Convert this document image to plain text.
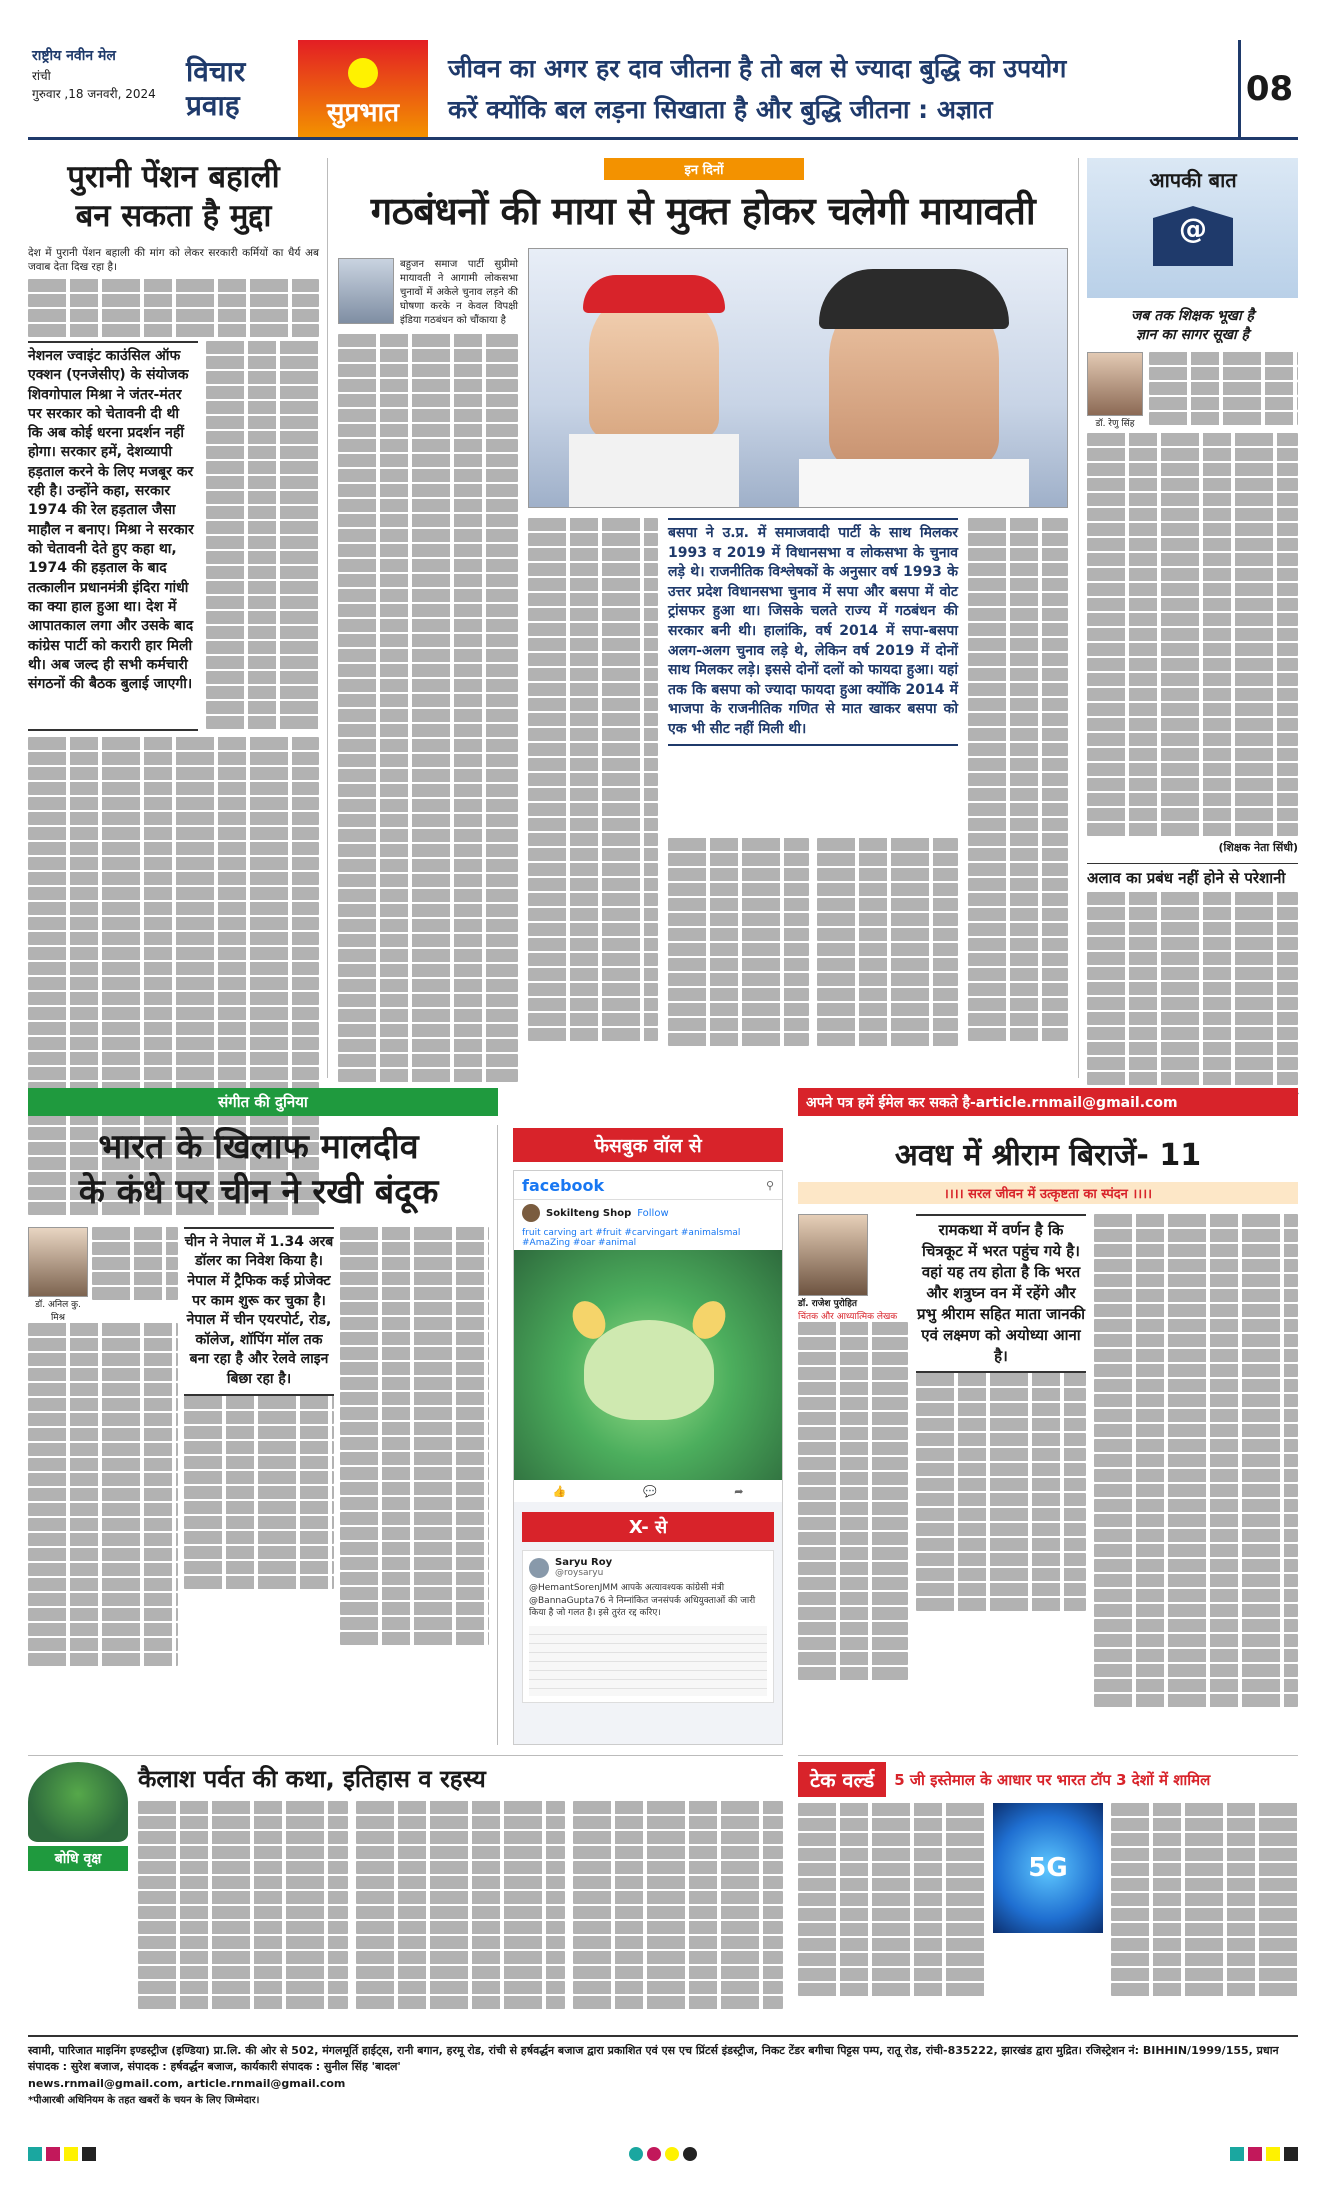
राष्ट्रीय नवीन मेल
रांची
गुरुवार ,18 जनवरी, 2024
विचार
प्रवाह	सुप्रभात
जीवन का अगर हर दाव जीतना है तो बल से ज्यादा बुद्धि का उपयोग
करें क्योंकि बल लड़ना सिखाता है और बुद्धि जीतना : अज्ञात
08
पुरानी पेंशन बहाली
बन सकता है मुद्दा
देश में पुरानी पेंशन बहाली की मांग को लेकर सरकारी कर्मियों का धैर्य अब जवाब देता दिख रहा है।
नेशनल ज्वाइंट काउंसिल ऑफ एक्शन (एनजेसीए) के संयोजक शिवगोपाल मिश्रा ने जंतर-मंतर पर सरकार को चेतावनी दी थी कि अब कोई धरना प्रदर्शन नहीं होगा। सरकार हमें, देशव्यापी हड़ताल करने के लिए मजबूर कर रही है। उन्होंने कहा, सरकार 1974 की रेल हड़ताल जैसा माहौल न बनाए। मिश्रा ने सरकार को चेतावनी देते हुए कहा था, 1974 की हड़ताल के बाद तत्कालीन प्रधानमंत्री इंदिरा गांधी का क्या हाल हुआ था। देश में आपातकाल लगा और उसके बाद कांग्रेस पार्टी को करारी हार मिली थी। अब जल्द ही सभी कर्मचारी संगठनों की बैठक बुलाई जाएगी।
इन दिनों
गठबंधनों की माया से मुक्त होकर चलेगी मायावती
बहुजन समाज पार्टी सुप्रीमो मायावती ने आगामी लोकसभा चुनावों में अकेले चुनाव लड़ने की घोषणा करके न केवल विपक्षी इंडिया गठबंधन को चौंकाया है
बसपा ने उ.प्र. में समाजवादी पार्टी के साथ मिलकर 1993 व 2019 में विधानसभा व लोकसभा के चुनाव लड़े थे। राजनीतिक विश्लेषकों के अनुसार वर्ष 1993 के उत्तर प्रदेश विधानसभा चुनाव में सपा और बसपा में वोट ट्रांसफर हुआ था। जिसके चलते राज्य में गठबंधन की सरकार बनी थी। हालांकि, वर्ष 2014 में सपा-बसपा अलग-अलग चुनाव लड़े थे, लेकिन वर्ष 2019 में दोनों साथ मिलकर लड़े। इससे दोनों दलों को फायदा हुआ। यहां तक कि बसपा को ज्यादा फायदा हुआ क्योंकि 2014 में भाजपा के राजनीतिक गणित से मात खाकर बसपा को एक भी सीट नहीं मिली थी।
आपकी बात
@
जब तक शिक्षक भूखा है
ज्ञान का सागर सूखा है
डॉ. रेणु सिंह
(शिक्षक नेता सिंधी)
अलाव का प्रबंध नहीं होने से परेशानी
संगीत की दुनिया
फेसबुक वॉल से
अपने पत्र हमें ईमेल कर सकते है-article.rnmail@gmail.com
भारत के खिलाफ मालदीव
के कंधे पर चीन ने रखी बंदूक
डॉ. अनिल कु. मिश्र
चीन ने नेपाल में 1.34 अरब डॉलर का निवेश किया है। नेपाल में ट्रैफिक कई प्रोजेक्ट पर काम शुरू कर चुका है। नेपाल में चीन एयरपोर्ट, रोड, कॉलेज, शॉपिंग मॉल तक बना रहा है और रेलवे लाइन बिछा रहा है।
facebook	⚲
Sokilteng Shop Follow
fruit carving art #fruit #carvingart #animalsmal #AmaZing #oar #animal
👍	💬	➦
X- से
Saryu Roy
@roysaryu
@HemantSorenJMM आपके अत्यावश्यक कांग्रेसी मंत्री @BannaGupta76 ने निम्नांकित जनसंपर्क अधियुक्ताओं की जारी किया है जो गलत है। इसे तुरंत रद्द करिए।
अवध में श्रीराम बिराजें- 11
।।।। सरल जीवन में उत्कृष्टता का स्पंदन ।।।।
डॉ. राजेश पुरोहित
चिंतक और आध्यात्मिक लेखक
रामकथा में वर्णन है कि चित्रकूट में भरत पहुंच गये है। वहां यह तय होता है कि भरत और शत्रुघ्न वन में रहेंगे और प्रभु श्रीराम सहित माता जानकी एवं लक्ष्मण को अयोध्या आना है।
बोधि वृक्ष
कैलाश पर्वत की कथा, इतिहास व रहस्य	टेक वर्ल्ड	5 जी इस्तेमाल के आधार पर भारत टॉप 3 देशों में शामिल
5G
स्वामी, पारिजात माइनिंग इण्डस्ट्रीज (इण्डिया) प्रा.लि. की ओर से 502, मंगलमूर्ति हाईट्स, रानी बगान, हरमू रोड, रांची से हर्षवर्द्धन बजाज द्वारा प्रकाशित एवं एस एच प्रिंटर्स इंडस्ट्रीज, निकट टेंडर बगीचा पिट्टस पम्प, रातू रोड, रांची-835222, झारखंड द्वारा मुद्रित। रजिस्ट्रेशन नं: BIHHIN/1999/155, प्रधान संपादक : सुरेश बजाज, संपादक : हर्षवर्द्धन बजाज, कार्यकारी संपादक : सुनील सिंह 'बादल'
news.rnmail@gmail.com, article.rnmail@gmail.com
*पीआरबी अधिनियम के तहत खबरों के चयन के लिए जिम्मेदार।
